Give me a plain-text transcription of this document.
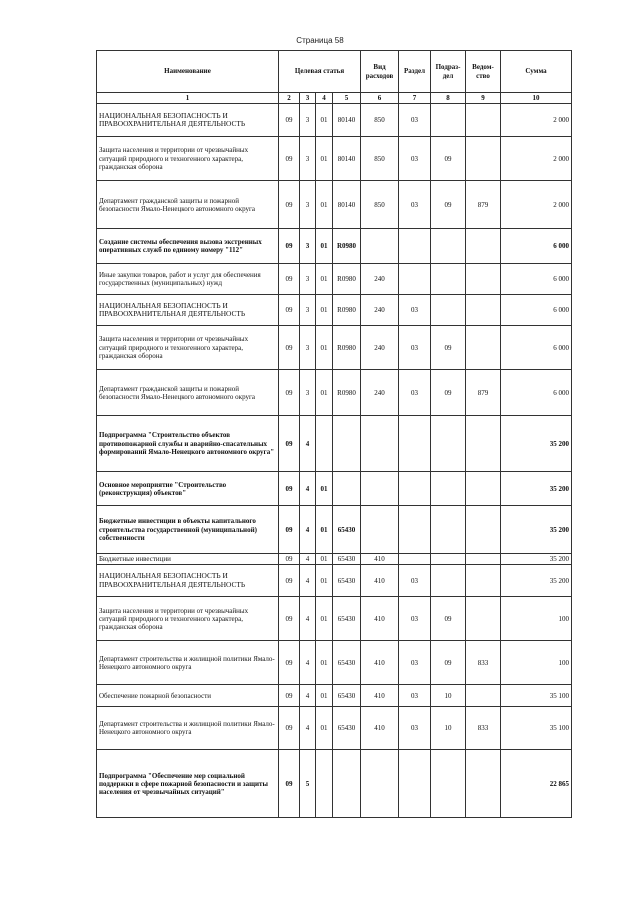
Страница 58
Наименование	Целевая статья				Вид расходов	Раздел	Подраз-дел	Ведом-ство	Сумма
1	2	3	4	5	6	7	8	9	10
НАЦИОНАЛЬНАЯ БЕЗОПАСНОСТЬ И ПРАВООХРАНИТЕЛЬНАЯ ДЕЯТЕЛЬНОСТЬ	09	3	01	80140	850	03			2 000
Защита населения и территории от чрезвычайных ситуаций природного и техногенного характера, гражданская оборона	09	3	01	80140	850	03	09		2 000
Департамент гражданской защиты и пожарной безопасности Ямало-Ненецкого автономного округа	09	3	01	80140	850	03	09	879	2 000
Создание системы обеспечения вызова экстренных оперативных служб по единому номеру "112"	09	3	01	R0980					6 000
Иные закупки товаров, работ и услуг для обеспечения государственных (муниципальных) нужд	09	3	01	R0980	240				6 000
НАЦИОНАЛЬНАЯ БЕЗОПАСНОСТЬ И ПРАВООХРАНИТЕЛЬНАЯ ДЕЯТЕЛЬНОСТЬ	09	3	01	R0980	240	03			6 000
Защита населения и территории от чрезвычайных ситуаций природного и техногенного характера, гражданская оборона	09	3	01	R0980	240	03	09		6 000
Департамент гражданской защиты и пожарной безопасности Ямало-Ненецкого автономного округа	09	3	01	R0980	240	03	09	879	6 000
Подпрограмма "Строительство объектов противопожарной службы и аварийно-спасательных формирований Ямало-Ненецкого автономного округа"	09	4							35 200
Основное мероприятие "Строительство (реконструкция) объектов"	09	4	01						35 200
Бюджетные инвестиции в объекты капитального строительства государственной (муниципальной) собственности	09	4	01	65430					35 200
Бюджетные инвестиции	09	4	01	65430	410				35 200
НАЦИОНАЛЬНАЯ БЕЗОПАСНОСТЬ И ПРАВООХРАНИТЕЛЬНАЯ ДЕЯТЕЛЬНОСТЬ	09	4	01	65430	410	03			35 200
Защита населения и территории от чрезвычайных ситуаций природного и техногенного характера, гражданская оборона	09	4	01	65430	410	03	09		100
Департамент строительства и жилищной политики Ямало-Ненецкого автономного округа	09	4	01	65430	410	03	09	833	100
Обеспечение пожарной безопасности	09	4	01	65430	410	03	10		35 100
Департамент строительства и жилищной политики Ямало-Ненецкого автономного округа	09	4	01	65430	410	03	10	833	35 100
Подпрограмма "Обеспечение мер социальной поддержки в сфере пожарной безопасности и защиты населения от чрезвычайных ситуаций"	09	5							22 865
